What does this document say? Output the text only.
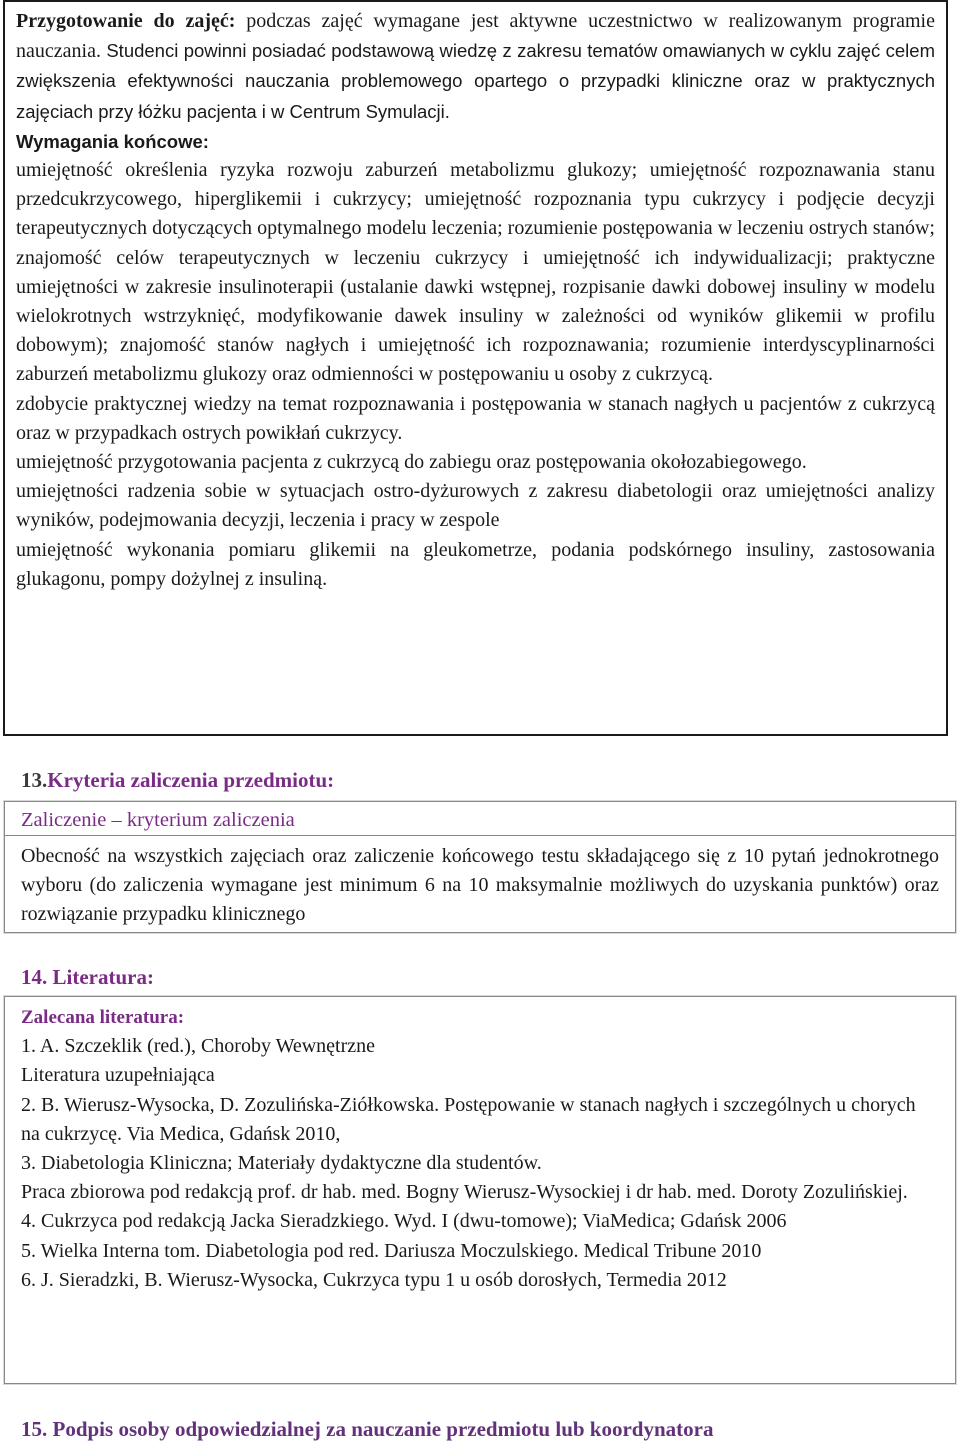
Przygotowanie do zajęć: podczas zajęć wymagane jest aktywne uczestnictwo w realizowanym programie nauczania. Studenci powinni posiadać podstawową wiedzę z zakresu tematów omawianych w cyklu zajęć celem zwiększenia efektywności nauczania problemowego opartego o przypadki kliniczne oraz w praktycznych zajęciach przy łóżku pacjenta i w Centrum Symulacji.

Wymagania końcowe:

umiejętność określenia ryzyka rozwoju zaburzeń metabolizmu glukozy; umiejętność rozpoznawania stanu przedcukrzycowego, hiperglikemii i cukrzycy; umiejętność rozpoznania typu cukrzycy i podjęcie decyzji terapeutycznych dotyczących optymalnego modelu leczenia; rozumienie postępowania w leczeniu ostrych stanów; znajomość celów terapeutycznych w leczeniu cukrzycy i umiejętność ich indywidualizacji; praktyczne umiejętności w zakresie insulinoterapii (ustalanie dawki wstępnej, rozpisanie dawki dobowej insuliny w modelu wielokrotnych wstrzyknięć, modyfikowanie dawek insuliny w zależności od wyników glikemii w profilu dobowym); znajomość stanów nagłych i umiejętność ich rozpoznawania; rozumienie interdyscyplinarności zaburzeń metabolizmu glukozy oraz odmienności w postępowaniu u osoby z cukrzycą.

zdobycie praktycznej wiedzy na temat rozpoznawania i postępowania w stanach nagłych u pacjentów z cukrzycą oraz w przypadkach ostrych powikłań cukrzycy.

umiejętność przygotowania pacjenta z cukrzycą do zabiegu oraz postępowania okołozabiegowego.

umiejętności radzenia sobie w sytuacjach ostro-dyżurowych z zakresu diabetologii oraz umiejętności analizy wyników, podejmowania decyzji, leczenia i pracy w zespole

umiejętność wykonania pomiaru glikemii na gleukometrze, podania podskórnego insuliny, zastosowania glukagonu, pompy dożylnej z insuliną.

13.Kryteria zaliczenia przedmiotu:
Zaliczenie – kryterium zaliczenia

Obecność na wszystkich zajęciach oraz zaliczenie końcowego testu składającego się z 10 pytań jednokrotnego wyboru (do zaliczenia wymagane jest minimum 6 na 10 maksymalnie możliwych do uzyskania punktów) oraz rozwiązanie przypadku klinicznego

14. Literatura:

Zalecana literatura:

1. A. Szczeklik (red.), Choroby Wewnętrzne

Literatura uzupełniająca

2. B. Wierusz-Wysocka, D. Zozulińska-Ziółkowska. Postępowanie w stanach nagłych i szczególnych u chorych na cukrzycę. Via Medica, Gdańsk 2010,

3. Diabetologia Kliniczna; Materiały dydaktyczne dla studentów.

Praca zbiorowa pod redakcją prof. dr hab. med. Bogny Wierusz-Wysockiej i dr hab. med. Doroty Zozulińskiej.

4. Cukrzyca pod redakcją Jacka Sieradzkiego. Wyd. I (dwu-tomowe); ViaMedica; Gdańsk 2006

5. Wielka Interna tom. Diabetologia pod red. Dariusza Moczulskiego. Medical Tribune 2010

6. J. Sieradzki, B. Wierusz-Wysocka, Cukrzyca typu 1 u osób dorosłych, Termedia 2012

15. Podpis osoby odpowiedzialnej za nauczanie przedmiotu lub koordynatora
